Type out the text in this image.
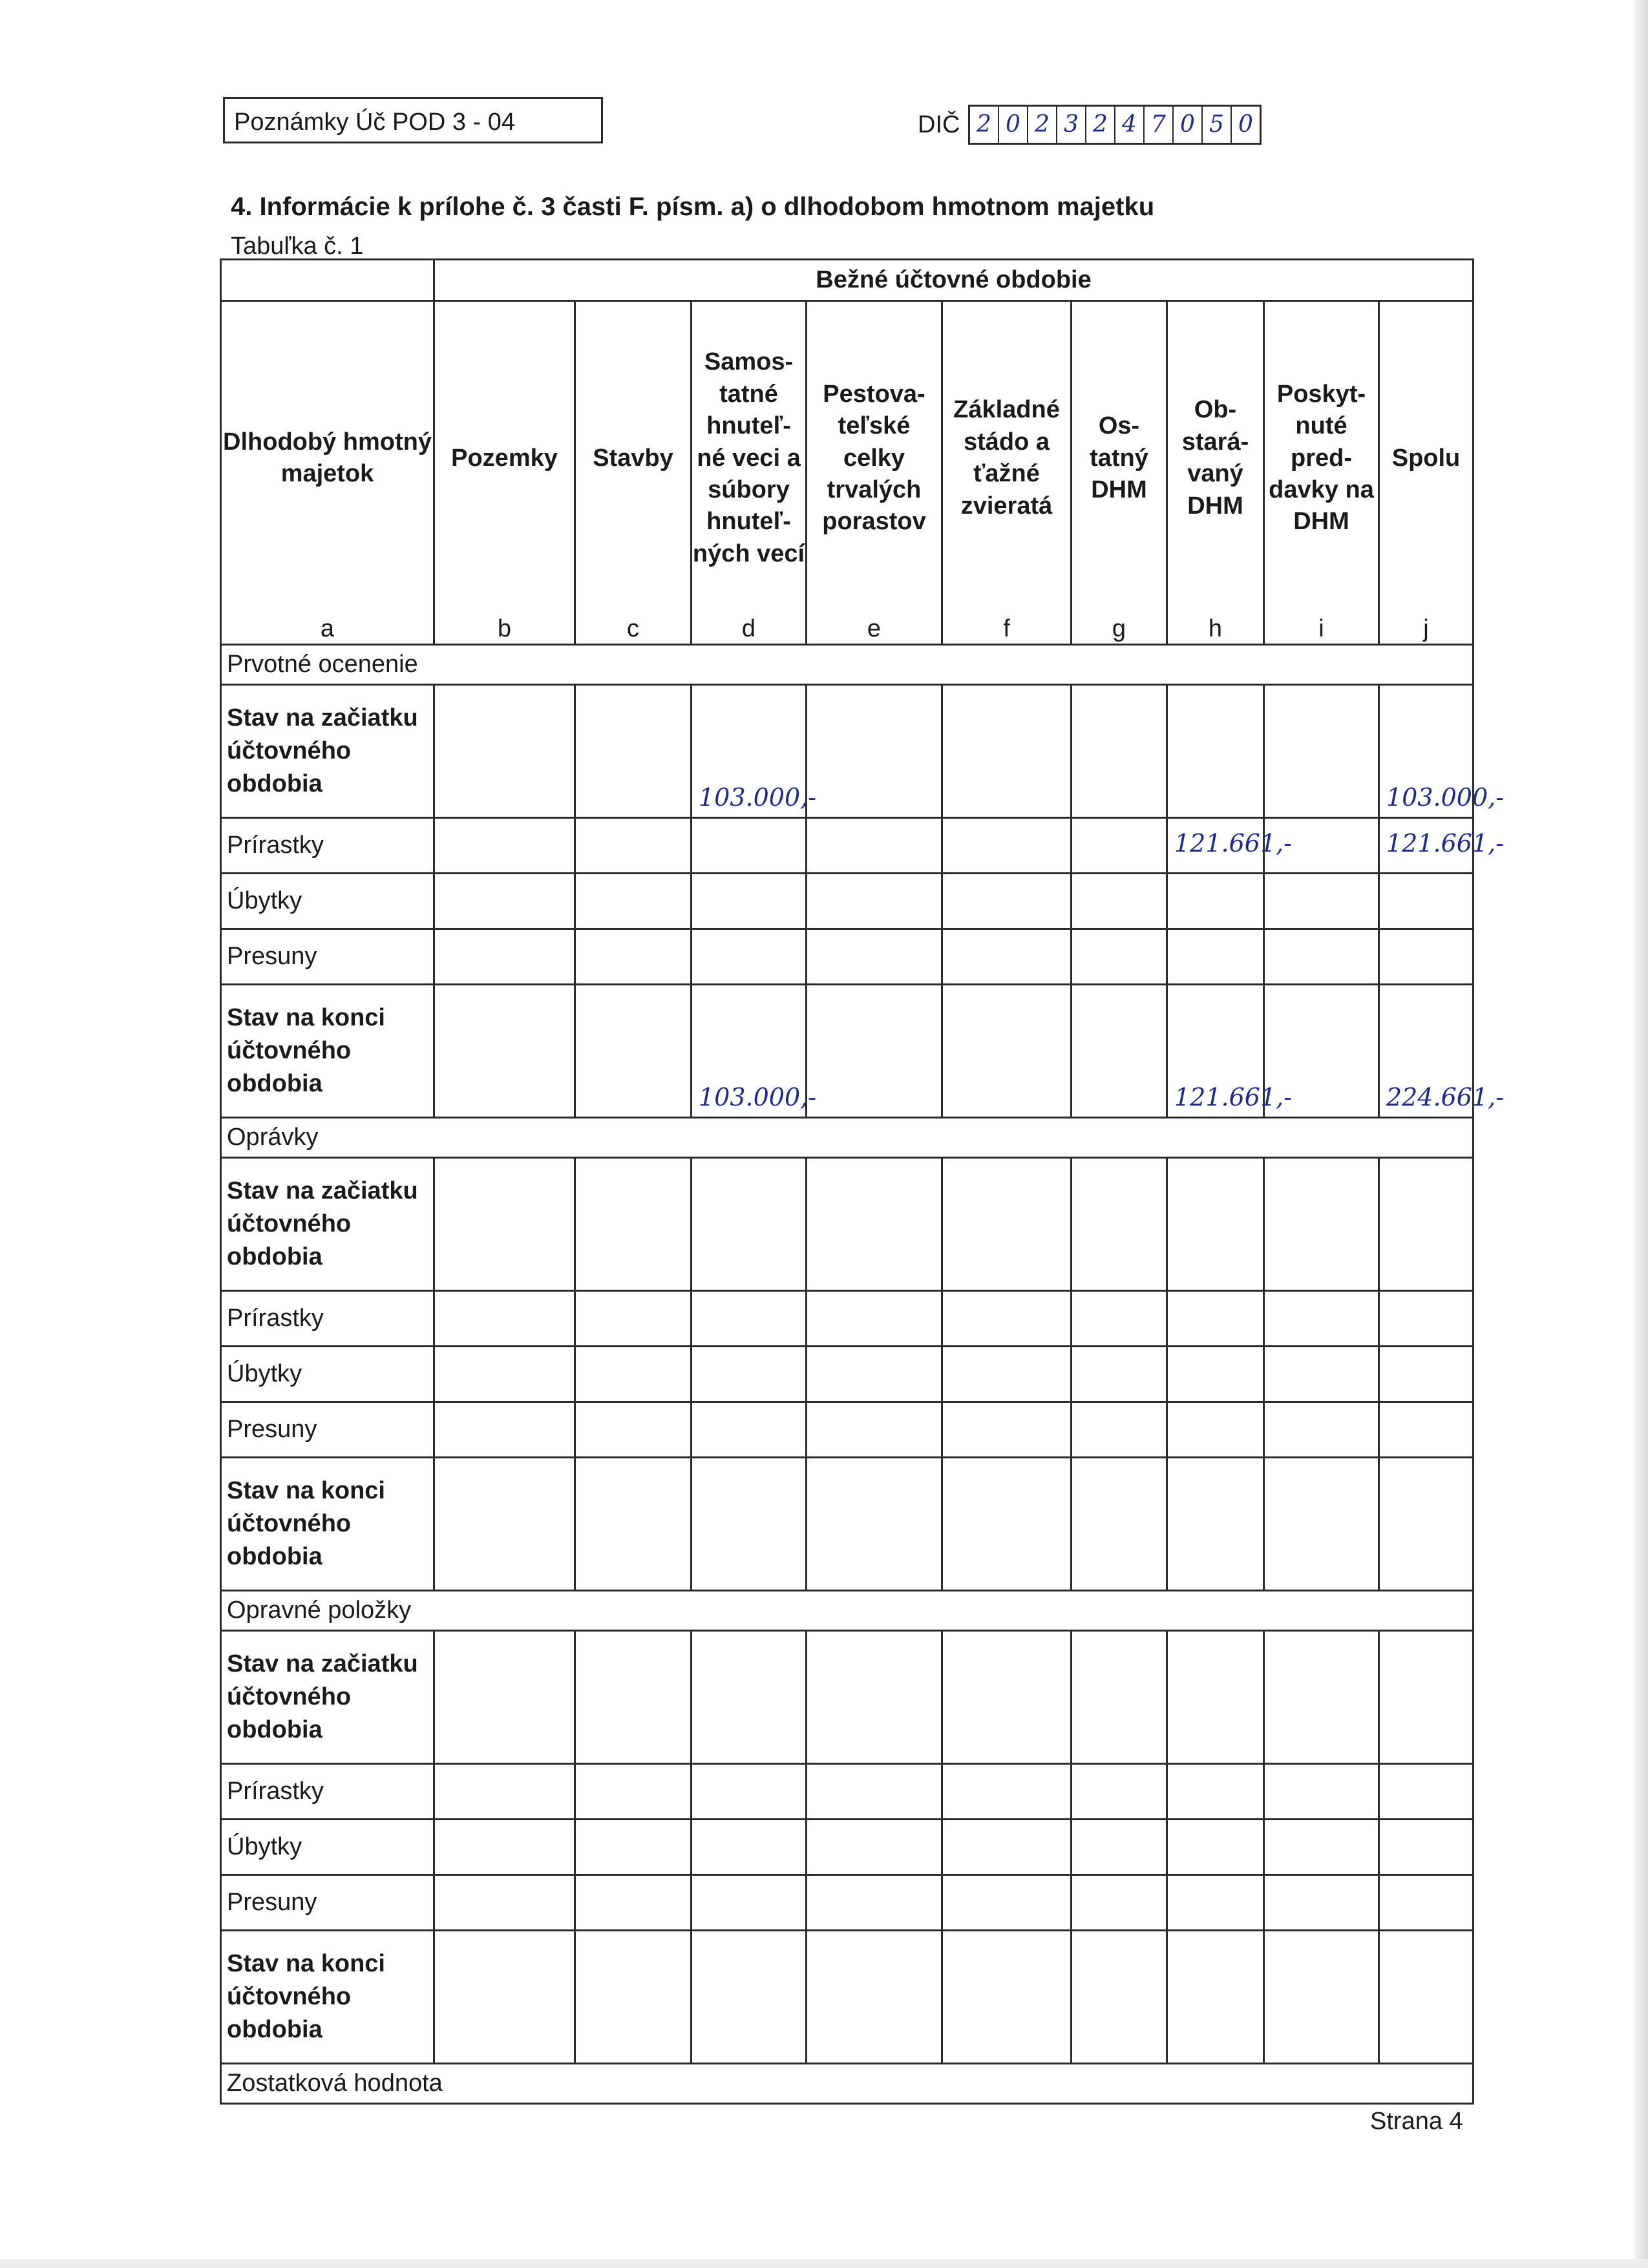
Poznámky Úč POD 3 - 04	DIČ 2 0 2 3 2 4 7 0 5 0
4. Informácie k prílohe č. 3 časti F. písm. a) o dlhodobom hmotnom majetku
Tabuľka č. 1
	Bežné účtovné obdobie								
Dlhodobý hmotný majetok	Pozemky	Stavby	Samos-tatné hnuteľ-né veci a súbory hnuteľ-ných vecí	Pestova-teľské celky trvalých porastov	Základné stádo a ťažné zvieratá	Os-tatný DHM	Ob-stará-vaný DHM	Poskyt-nuté pred-davky na DHM	Spolu
a	b	c	d	e	f	g	h	i	j
Prvotné ocenenie									
Stav na začiatku účtovného obdobia			103.000,-						103.000,-
Prírastky							121.661,-		121.661,-
Úbytky									
Presuny									
Stav na konci účtovného obdobia			103.000,-				121.661,-		224.661,-
Oprávky									
Stav na začiatku účtovného obdobia									
Prírastky									
Úbytky									
Presuny									
Stav na konci účtovného obdobia									
Opravné položky									
Stav na začiatku účtovného obdobia									
Prírastky									
Úbytky									
Presuny									
Stav na konci účtovného obdobia									
Zostatková hodnota									
Strana 4
